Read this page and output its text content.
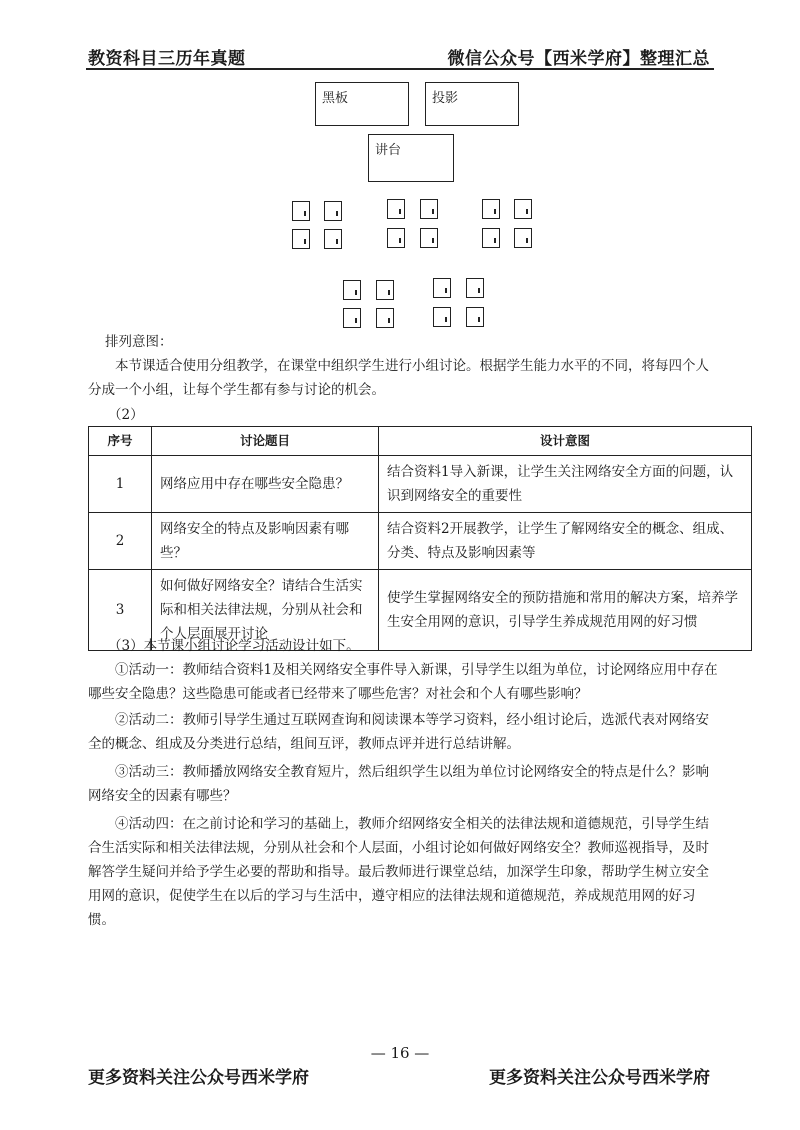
教资科目三历年真题	微信公众号【西米学府】整理汇总
黑板	投影
讲台
排列意图：
本节课适合使用分组教学，在课堂中组织学生进行小组讨论。根据学生能力水平的不同，将每四个人分成一个小组，让每个学生都有参与讨论的机会。
（2）
序号	讨论题目	设计意图
1	网络应用中存在哪些安全隐患？	结合资料1导入新课，让学生关注网络安全方面的问题，认识到网络安全的重要性
2	网络安全的特点及影响因素有哪些？	结合资料2开展教学，让学生了解网络安全的概念、组成、分类、特点及影响因素等
3	如何做好网络安全？请结合生活实际和相关法律法规，分别从社会和个人层面展开讨论	使学生掌握网络安全的预防措施和常用的解决方案，培养学生安全用网的意识，引导学生养成规范用网的好习惯
（3）本节课小组讨论学习活动设计如下。
①活动一：教师结合资料1及相关网络安全事件导入新课，引导学生以组为单位，讨论网络应用中存在哪些安全隐患？这些隐患可能或者已经带来了哪些危害？对社会和个人有哪些影响？
②活动二：教师引导学生通过互联网查询和阅读课本等学习资料，经小组讨论后，选派代表对网络安全的概念、组成及分类进行总结，组间互评，教师点评并进行总结讲解。
③活动三：教师播放网络安全教育短片，然后组织学生以组为单位讨论网络安全的特点是什么？影响网络安全的因素有哪些？
④活动四：在之前讨论和学习的基础上，教师介绍网络安全相关的法律法规和道德规范，引导学生结合生活实际和相关法律法规，分别从社会和个人层面，小组讨论如何做好网络安全？教师巡视指导，及时解答学生疑问并给予学生必要的帮助和指导。最后教师进行课堂总结，加深学生印象，帮助学生树立安全用网的意识，促使学生在以后的学习与生活中，遵守相应的法律法规和道德规范，养成规范用网的好习惯。
— 16 —
更多资料关注公众号西米学府	更多资料关注公众号西米学府
